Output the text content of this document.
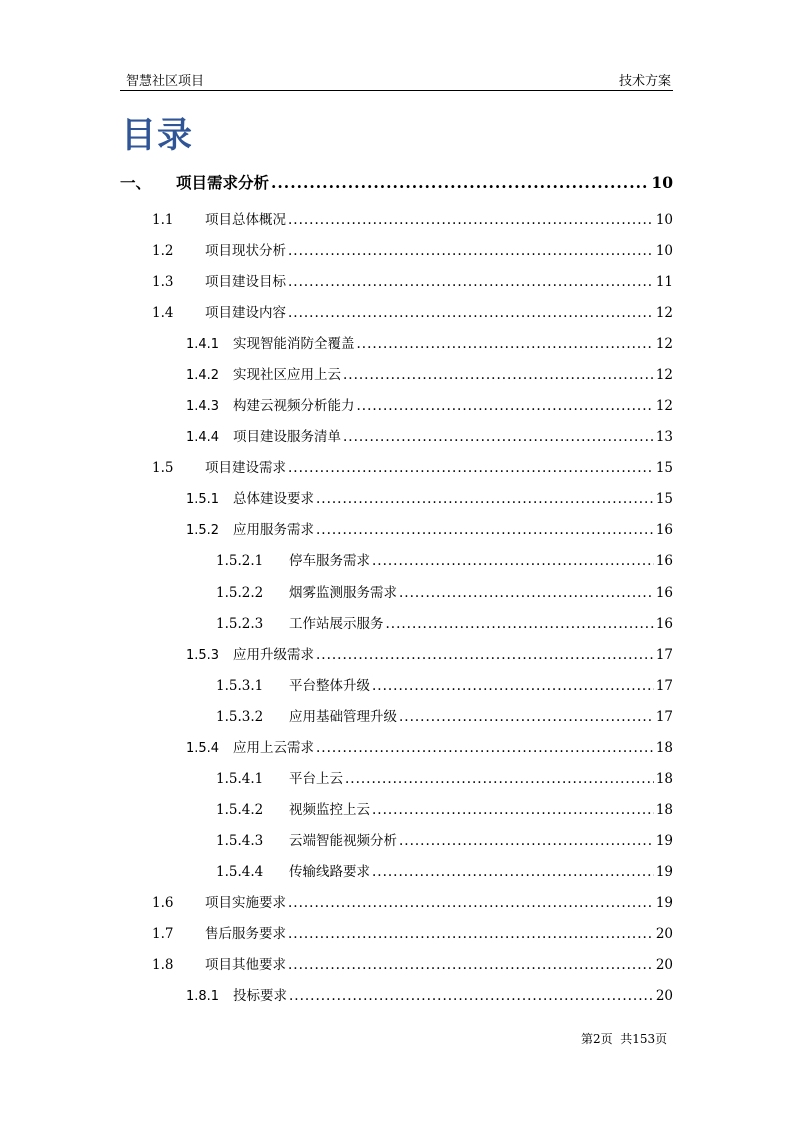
智慧社区项目	技术方案
目录
一、	项目需求分析 .....	10
1.1	项目总体概况 .....	10
1.2	项目现状分析 .....	10
1.3	项目建设目标 .....	11
1.4	项目建设内容 .....	12
1.4.1	实现智能消防全覆盖 .....	12
1.4.2	实现社区应用上云 .....	12
1.4.3	构建云视频分析能力 .....	12
1.4.4	项目建设服务清单 .....	13
1.5	项目建设需求 .....	15
1.5.1	总体建设要求 .....	15
1.5.2	应用服务需求 .....	16
1.5.2.1	停车服务需求 .....	16
1.5.2.2	烟雾监测服务需求 .....	16
1.5.2.3	工作站展示服务 .....	16
1.5.3	应用升级需求 .....	17
1.5.3.1	平台整体升级 .....	17
1.5.3.2	应用基础管理升级 .....	17
1.5.4	应用上云需求 .....	18
1.5.4.1	平台上云 .....	18
1.5.4.2	视频监控上云 .....	18
1.5.4.3	云端智能视频分析 .....	19
1.5.4.4	传输线路要求 .....	19
1.6	项目实施要求 .....	19
1.7	售后服务要求 .....	20
1.8	项目其他要求 .....	20
1.8.1	投标要求 .....	20
第2页 共153页
